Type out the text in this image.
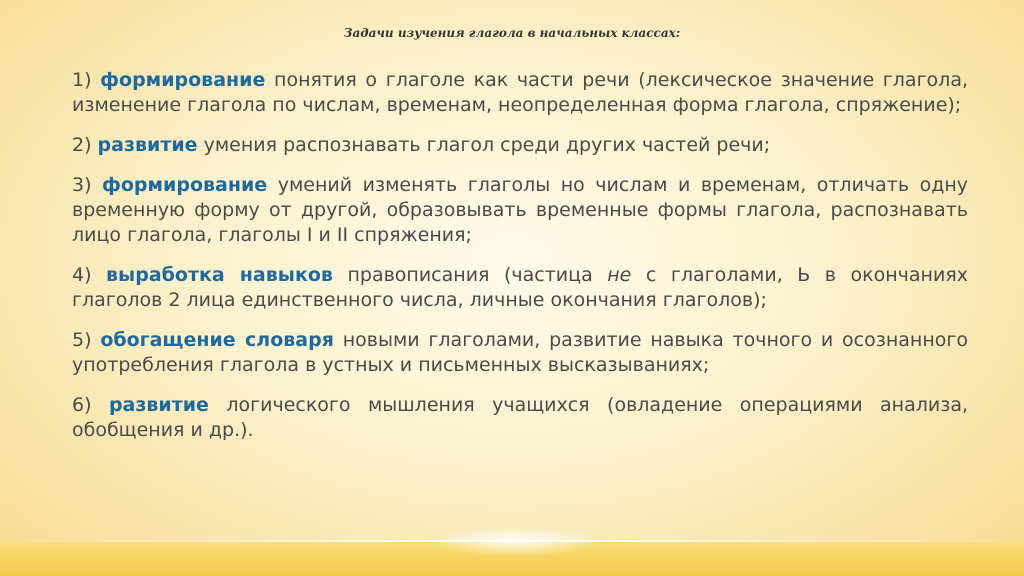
Задачи изучения глагола в начальных классах:

1) формирование понятия о глаголе как части речи (лексическое значение глагола, изменение глагола по числам, временам, неопределенная форма глагола, спряжение);

2) развитие умения распознавать глагол среди других частей речи;

3) формирование умений изменять глаголы но числам и временам, отличать одну временную форму от другой, образовывать временные формы глагола, распознавать лицо глагола, глаголы I и II спряжения;

4) выработка навыков правописания (частица не с глаголами, Ь в окончаниях глаголов 2 лица единственного числа, личные окончания глаголов);

5) обогащение словаря новыми глаголами, развитие навыка точного и осознанного употребления глагола в устных и письменных высказываниях;

6) развитие логического мышления учащихся (овладение операциями анализа, обобщения и др.).
